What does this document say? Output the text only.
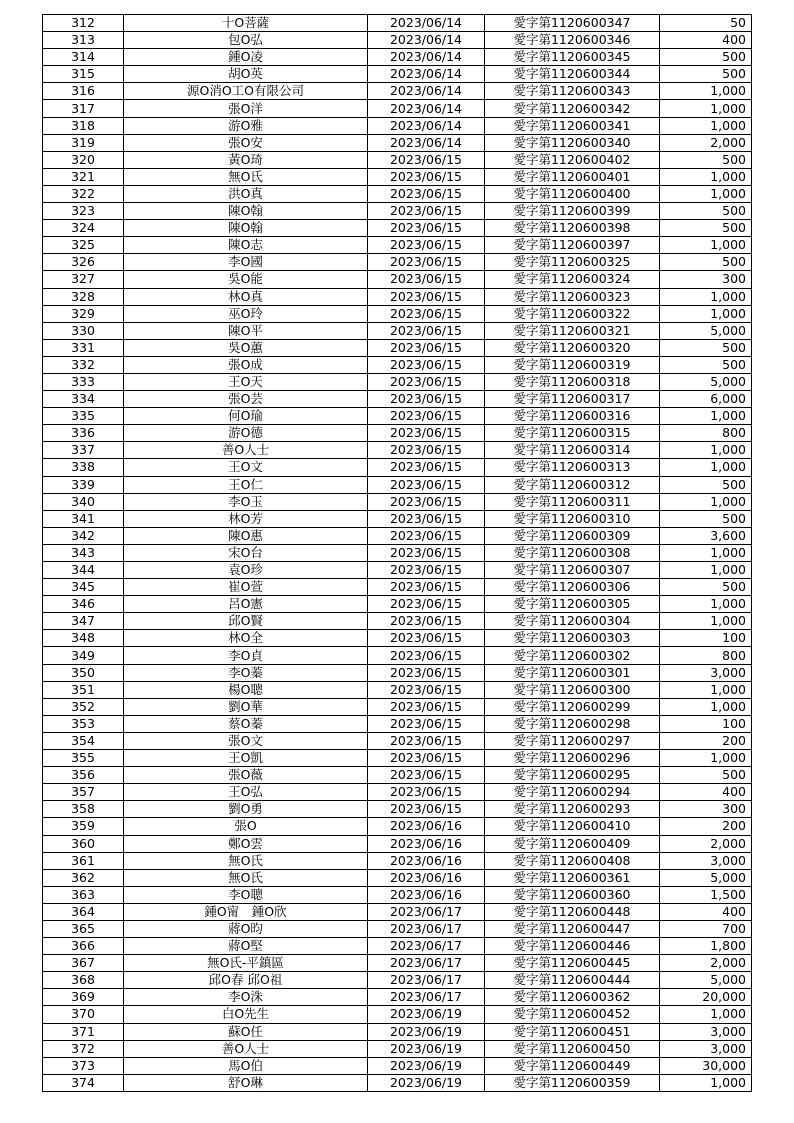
312	十O菩薩	2023/06/14	愛字第1120600347	50
313	包O弘	2023/06/14	愛字第1120600346	400
314	鍾O凌	2023/06/14	愛字第1120600345	500
315	胡O英	2023/06/14	愛字第1120600344	500
316	源O消O工O有限公司	2023/06/14	愛字第1120600343	1,000
317	張O洋	2023/06/14	愛字第1120600342	1,000
318	游O雅	2023/06/14	愛字第1120600341	1,000
319	張O安	2023/06/14	愛字第1120600340	2,000
320	黃O琦	2023/06/15	愛字第1120600402	500
321	無O氏	2023/06/15	愛字第1120600401	1,000
322	洪O真	2023/06/15	愛字第1120600400	1,000
323	陳O翰	2023/06/15	愛字第1120600399	500
324	陳O翰	2023/06/15	愛字第1120600398	500
325	陳O志	2023/06/15	愛字第1120600397	1,000
326	李O國	2023/06/15	愛字第1120600325	500
327	吳O能	2023/06/15	愛字第1120600324	300
328	林O真	2023/06/15	愛字第1120600323	1,000
329	巫O玲	2023/06/15	愛字第1120600322	1,000
330	陳O平	2023/06/15	愛字第1120600321	5,000
331	吳O蕙	2023/06/15	愛字第1120600320	500
332	張O成	2023/06/15	愛字第1120600319	500
333	王O天	2023/06/15	愛字第1120600318	5,000
334	張O芸	2023/06/15	愛字第1120600317	6,000
335	何O瑜	2023/06/15	愛字第1120600316	1,000
336	游O德	2023/06/15	愛字第1120600315	800
337	善O人士	2023/06/15	愛字第1120600314	1,000
338	王O文	2023/06/15	愛字第1120600313	1,000
339	王O仁	2023/06/15	愛字第1120600312	500
340	李O玉	2023/06/15	愛字第1120600311	1,000
341	林O芳	2023/06/15	愛字第1120600310	500
342	陳O惠	2023/06/15	愛字第1120600309	3,600
343	宋O台	2023/06/15	愛字第1120600308	1,000
344	袁O珍	2023/06/15	愛字第1120600307	1,000
345	崔O萱	2023/06/15	愛字第1120600306	500
346	呂O憲	2023/06/15	愛字第1120600305	1,000
347	邱O賢	2023/06/15	愛字第1120600304	1,000
348	林O全	2023/06/15	愛字第1120600303	100
349	李O貞	2023/06/15	愛字第1120600302	800
350	李O蓁	2023/06/15	愛字第1120600301	3,000
351	楊O聰	2023/06/15	愛字第1120600300	1,000
352	劉O華	2023/06/15	愛字第1120600299	1,000
353	蔡O蓁	2023/06/15	愛字第1120600298	100
354	張O文	2023/06/15	愛字第1120600297	200
355	王O凱	2023/06/15	愛字第1120600296	1,000
356	張O薇	2023/06/15	愛字第1120600295	500
357	王O弘	2023/06/15	愛字第1120600294	400
358	劉O勇	2023/06/15	愛字第1120600293	300
359	張O	2023/06/16	愛字第1120600410	200
360	鄭O雲	2023/06/16	愛字第1120600409	2,000
361	無O氏	2023/06/16	愛字第1120600408	3,000
362	無O氏	2023/06/16	愛字第1120600361	5,000
363	李O聰	2023/06/16	愛字第1120600360	1,500
364	鍾O甯　鍾O欣	2023/06/17	愛字第1120600448	400
365	蔣O昀	2023/06/17	愛字第1120600447	700
366	蔣O堅	2023/06/17	愛字第1120600446	1,800
367	無O氏-平鎮區	2023/06/17	愛字第1120600445	2,000
368	邱O春 邱O祖	2023/06/17	愛字第1120600444	5,000
369	李O洙	2023/06/17	愛字第1120600362	20,000
370	白O先生	2023/06/19	愛字第1120600452	1,000
371	蘇O任	2023/06/19	愛字第1120600451	3,000
372	善O人士	2023/06/19	愛字第1120600450	3,000
373	馬O伯	2023/06/19	愛字第1120600449	30,000
374	舒O琳	2023/06/19	愛字第1120600359	1,000
